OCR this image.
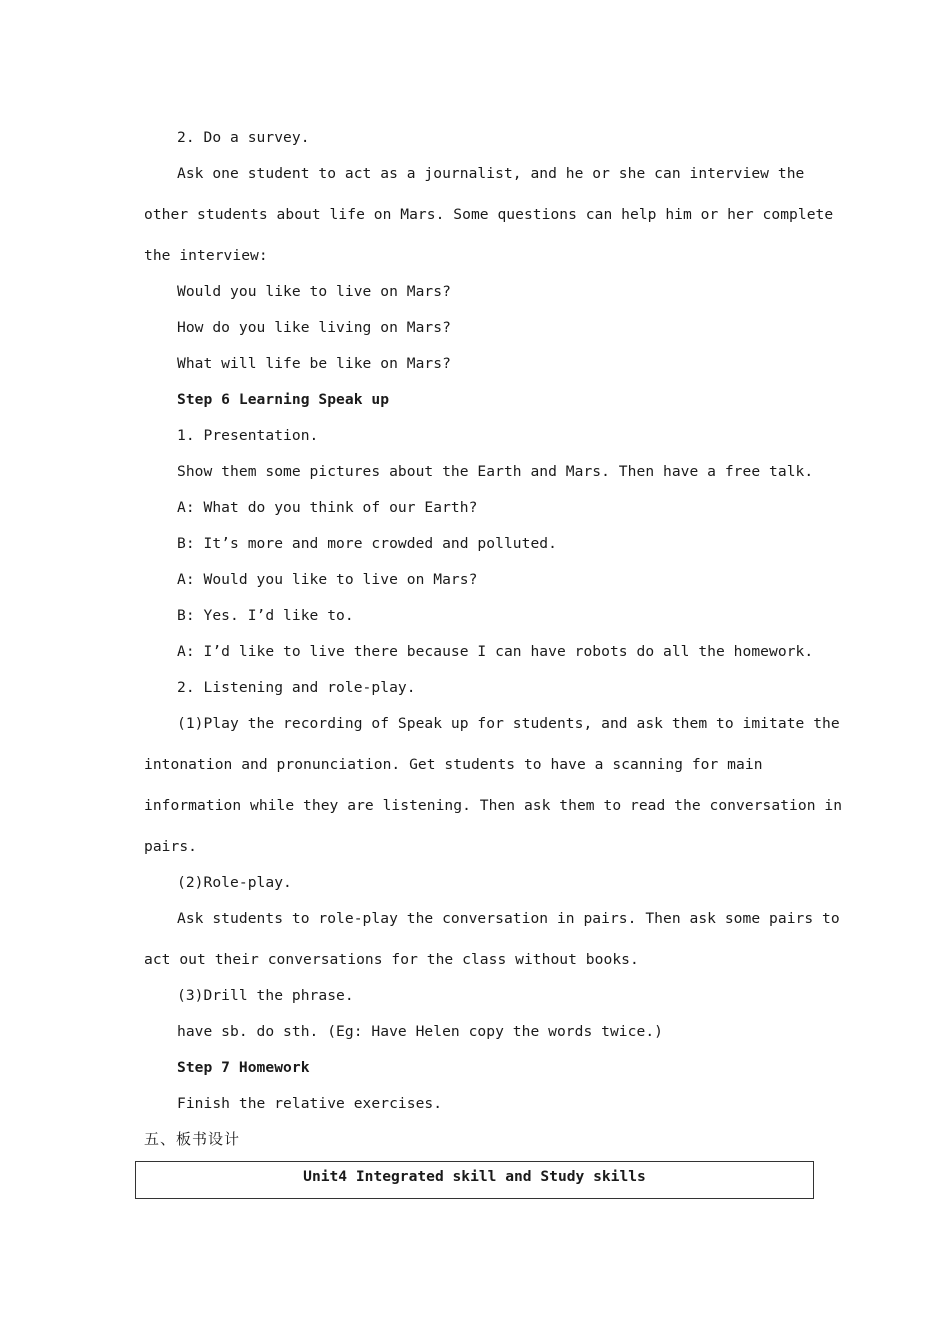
2. Do a survey.
Ask one student to act as a journalist, and he or she can interview the
other students about life on Mars. Some questions can help him or her complete
the interview:
Would you like to live on Mars?
How do you like living on Mars?
What will life be like on Mars?
Step 6 Learning Speak up
1. Presentation.
Show them some pictures about the Earth and Mars. Then have a free talk.
A: What do you think of our Earth?
B: It’s more and more crowded and polluted.
A: Would you like to live on Mars?
B: Yes. I’d like to.
A: I’d like to live there because I can have robots do all the homework.
2. Listening and role-play.
(1)Play the recording of Speak up for students, and ask them to imitate the
intonation and pronunciation. Get students to have a scanning for main
information while they are listening. Then ask them to read the conversation in
pairs.
(2)Role-play.
Ask students to role-play the conversation in pairs. Then ask some pairs to
act out their conversations for the class without books.
(3)Drill the phrase.
have sb. do sth. (Eg: Have Helen copy the words twice.)
Step 7 Homework
Finish the relative exercises.
五、板书设计
Unit4 Integrated skill and Study skills
